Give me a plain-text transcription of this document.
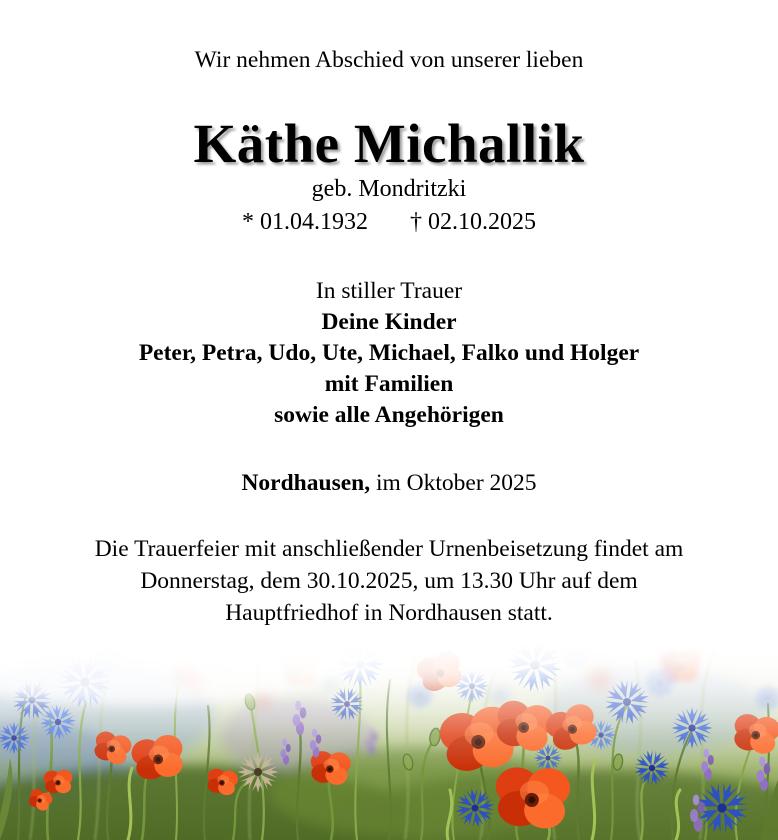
Wir nehmen Abschied von unserer lieben
Käthe Michallik
geb. Mondritzki
* 01.04.1932 † 02.10.2025
In stiller Trauer
Deine Kinder
Peter, Petra, Udo, Ute, Michael, Falko und Holger
mit Familien
sowie alle Angehörigen
Nordhausen, im Oktober 2025
Die Trauerfeier mit anschließender Urnenbeisetzung findet am
Donnerstag, dem 30.10.2025, um 13.30 Uhr auf dem
Hauptfriedhof in Nordhausen statt.
